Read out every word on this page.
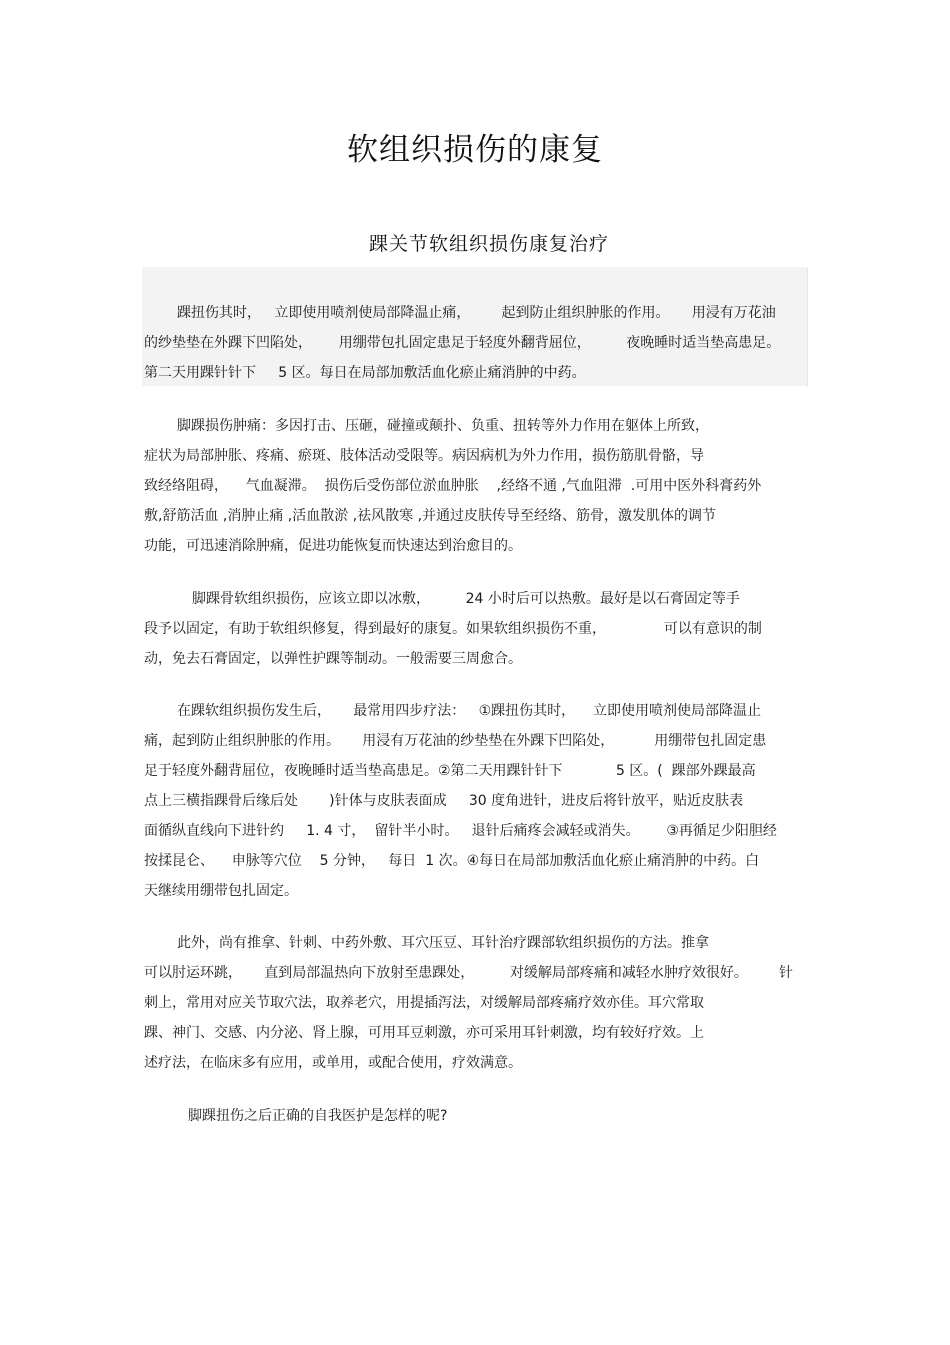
软组织损伤的康复
踝关节软组织损伤康复治疗
踝扭伤其时，   立即使用喷剂使局部降温止痛，       起到防止组织肿胀的作用。     用浸有万花油
的纱垫垫在外踝下凹陷处，      用绷带包扎固定患足于轻度外翻背屈位，        夜晚睡时适当垫高患足。
第二天用踝针针下     5 区。每日在局部加敷活血化瘀止痛消肿的中药。
脚踝损伤肿痛：多因打击、压砸，碰撞或颠扑、负重、扭转等外力作用在躯体上所致，
症状为局部肿胀、疼痛、瘀斑、肢体活动受限等。病因病机为外力作用，损伤筋肌骨骼，导
致经络阻碍，    气血凝滞。  损伤后受伤部位淤血肿胀    ,经络不通 ,气血阻滞  .可用中医外科膏药外
敷,舒筋活血 ,消肿止痛 ,活血散淤 ,祛风散寒 ,并通过皮肤传导至经络、筋骨，激发肌体的调节
功能，可迅速消除肿痛，促进功能恢复而快速达到治愈目的。
脚踝骨软组织损伤，应该立即以冰敷，        24 小时后可以热敷。最好是以石膏固定等手
段予以固定，有助于软组织修复，得到最好的康复。如果软组织损伤不重，             可以有意识的制
动，免去石膏固定，以弹性护踝等制动。一般需要三周愈合。
在踝软组织损伤发生后，     最常用四步疗法：   ①踝扭伤其时，    立即使用喷剂使局部降温止
痛，起到防止组织肿胀的作用。     用浸有万花油的纱垫垫在外踝下凹陷处，         用绷带包扎固定患
足于轻度外翻背屈位，夜晚睡时适当垫高患足。②第二天用踝针针下            5 区。(  踝部外踝最高
点上三横指踝骨后缘后处       )针体与皮肤表面成     30 度角进针，进皮后将针放平，贴近皮肤表
面循纵直线向下进针约     1. 4 寸，  留针半小时。   退针后痛疼会减轻或消失。      ③再循足少阳胆经
按揉昆仑、    申脉等穴位    5 分钟，   每日  1 次。④每日在局部加敷活血化瘀止痛消肿的中药。白
天继续用绷带包扎固定。
此外，尚有推拿、针刺、中药外敷、耳穴压豆、耳针治疗踝部软组织损伤的方法。推拿
可以肘运环跳，     直到局部温热向下放射至患踝处，        对缓解局部疼痛和减轻水肿疗效很好。       针
刺上，常用对应关节取穴法，取养老穴，用提插泻法，对缓解局部疼痛疗效亦佳。耳穴常取
踝、神门、交感、内分泌、肾上腺，可用耳豆刺激，亦可采用耳针刺激，均有较好疗效。上
述疗法，在临床多有应用，或单用，或配合使用，疗效满意。
脚踝扭伤之后正确的自我医护是怎样的呢?
